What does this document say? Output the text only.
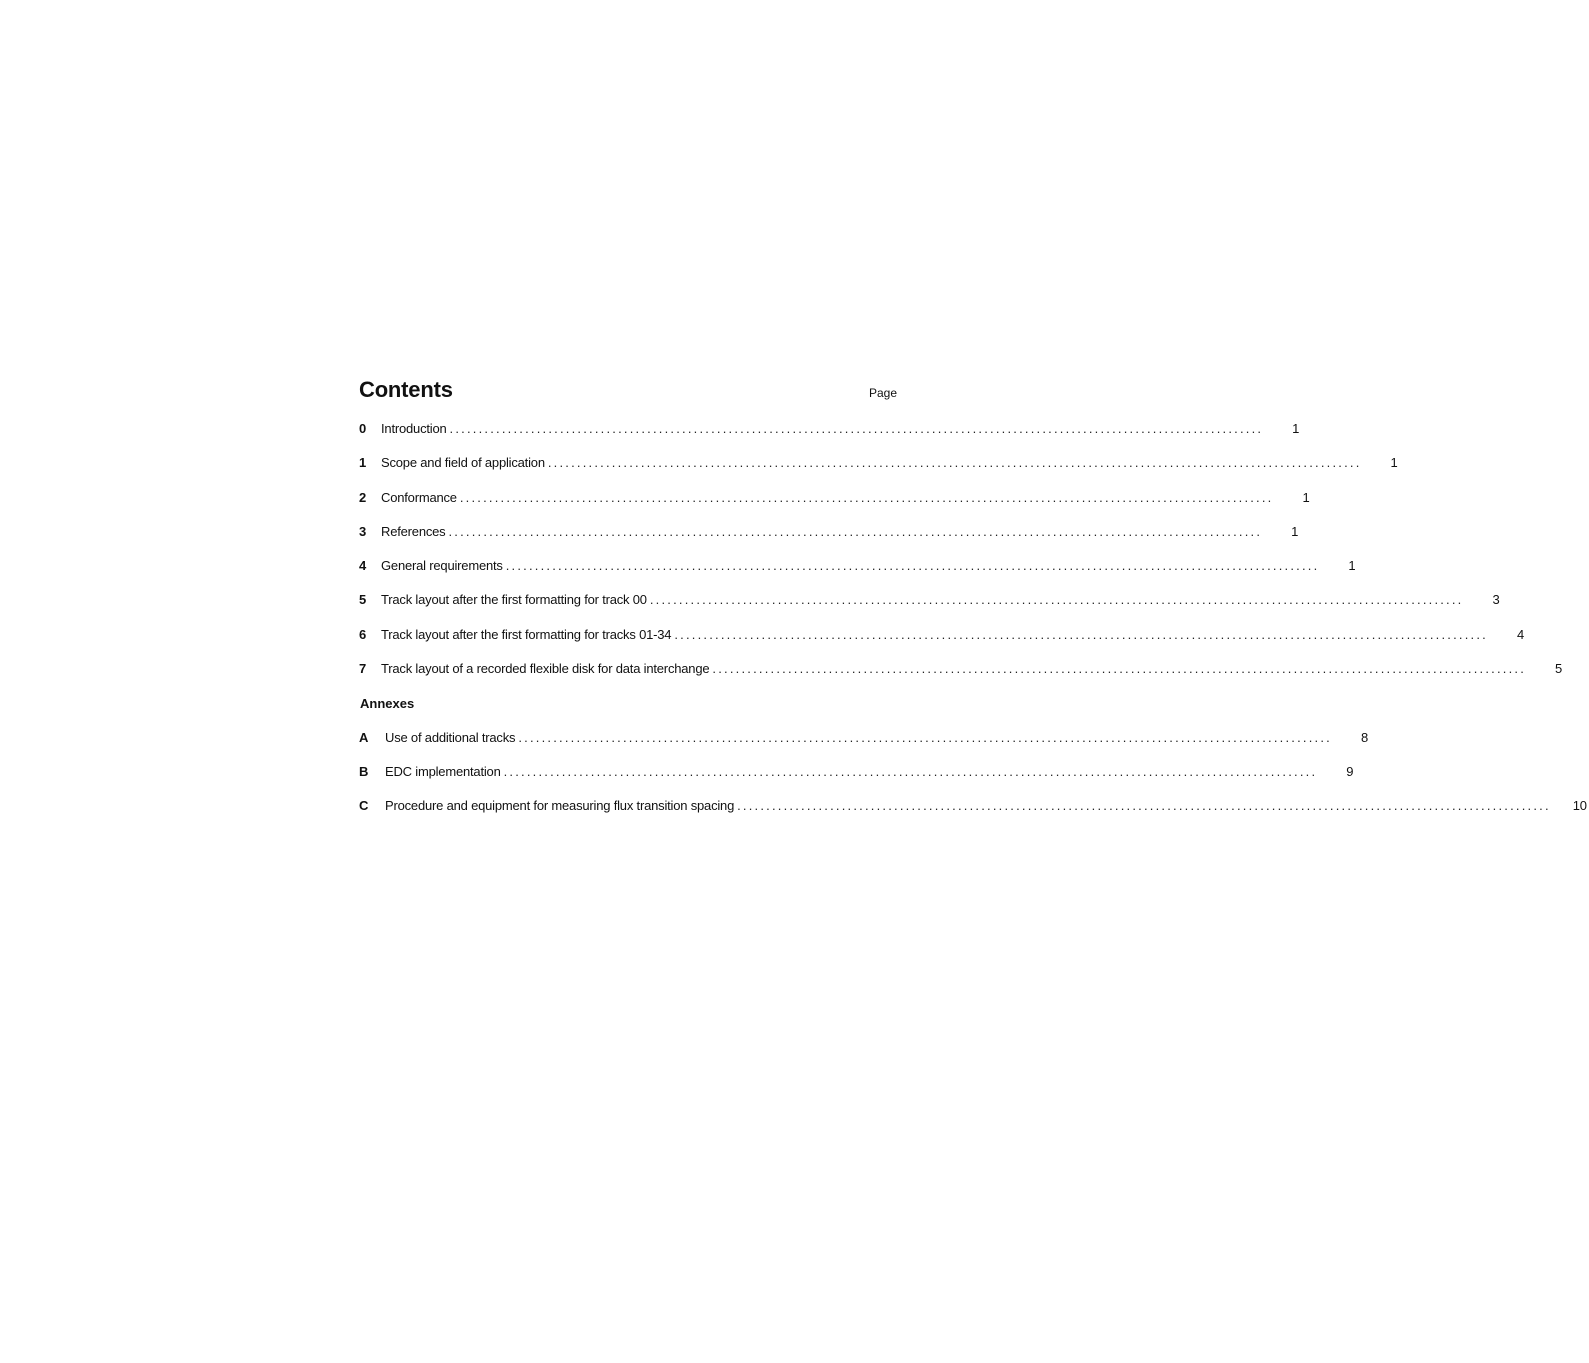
Contents	Page
0	Introduction ............................................................................................................................................	1
1	Scope and field of application ............................................................................................................................................	1
2	Conformance ............................................................................................................................................	1
3	References ............................................................................................................................................	1
4	General requirements ............................................................................................................................................	1
5	Track layout after the first formatting for track 00 ............................................................................................................................................	3
6	Track layout after the first formatting for tracks 01-34 ............................................................................................................................................	4
7	Track layout of a recorded flexible disk for data interchange ............................................................................................................................................	5
Annexes
A	Use of additional tracks ............................................................................................................................................	8
B	EDC implementation ............................................................................................................................................	9
C	Procedure and equipment for measuring flux transition spacing ............................................................................................................................................	10
